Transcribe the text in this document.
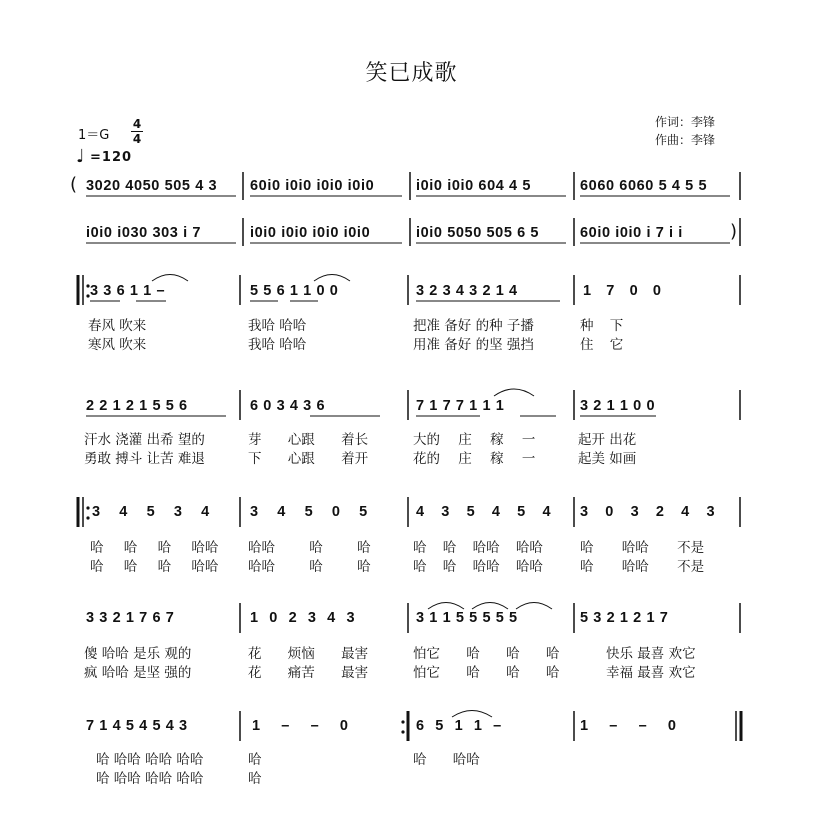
笑已成歌
作词：李锋
作曲：李锋
1＝G
4
4
♩ =120
( 3020 4050 505 4 3 60i0 i0i0 i0i0 i0i0	i0i0 i0i0 604 4 5	6060 6060 5 4 5 5
i0i0 i030 303 i 7	i0i0 i0i0 i0i0 i0i0	i0i0 5050 505 6 5	60i0 i0i0 i 7 i i	)
3 3 6 1 1 –	5 5 6 1 1 0 0	3 2 3 4 3 2 1 4	1 7 0 0
春风 吹来	我哈 哈哈	把准 备好 的种 子播	种 下
寒风 吹来	我哈 哈哈	用准 备好 的坚 强挡	住 它
2 2 1 2 1 5 5 6	6 0 3 4 3 6	7 1 7 7 1 1 1	3 2 1 1 0 0
汗水 浇灌 出希 望的	芽 心跟 着长	大的 庄 稼 一	起开 出花
勇敢 搏斗 让苦 难退	下 心跟 着开	花的 庄 稼 一	起美 如画
3 4 5 3 4	3 4 5 0 5	4 3 5 4 5 4 3 0 3 2 4 3
哈 哈 哈 哈哈 哈哈 哈 哈	哈 哈 哈哈 哈哈	哈 哈哈 不是
哈 哈 哈 哈哈 哈哈 哈 哈	哈 哈 哈哈 哈哈	哈 哈哈 不是
3 3 2 1 7 6 7	1 0 2 3 4 3	3 1 1 5 5 5 5 5	5 3 2 1 2 1 7
傻 哈哈 是乐 观的	花 烦恼 最害	怕它 哈 哈 哈	快乐 最喜 欢它
疯 哈哈 是坚 强的	花 痛苦 最害	怕它 哈 哈 哈	幸福 最喜 欢它
7 1 4 5 4 5 4 3	1 – – 0	6 5 1 1 –	1 – – 0
哈 哈哈 哈哈 哈哈	哈	哈 哈哈
哈 哈哈 哈哈 哈哈	哈
